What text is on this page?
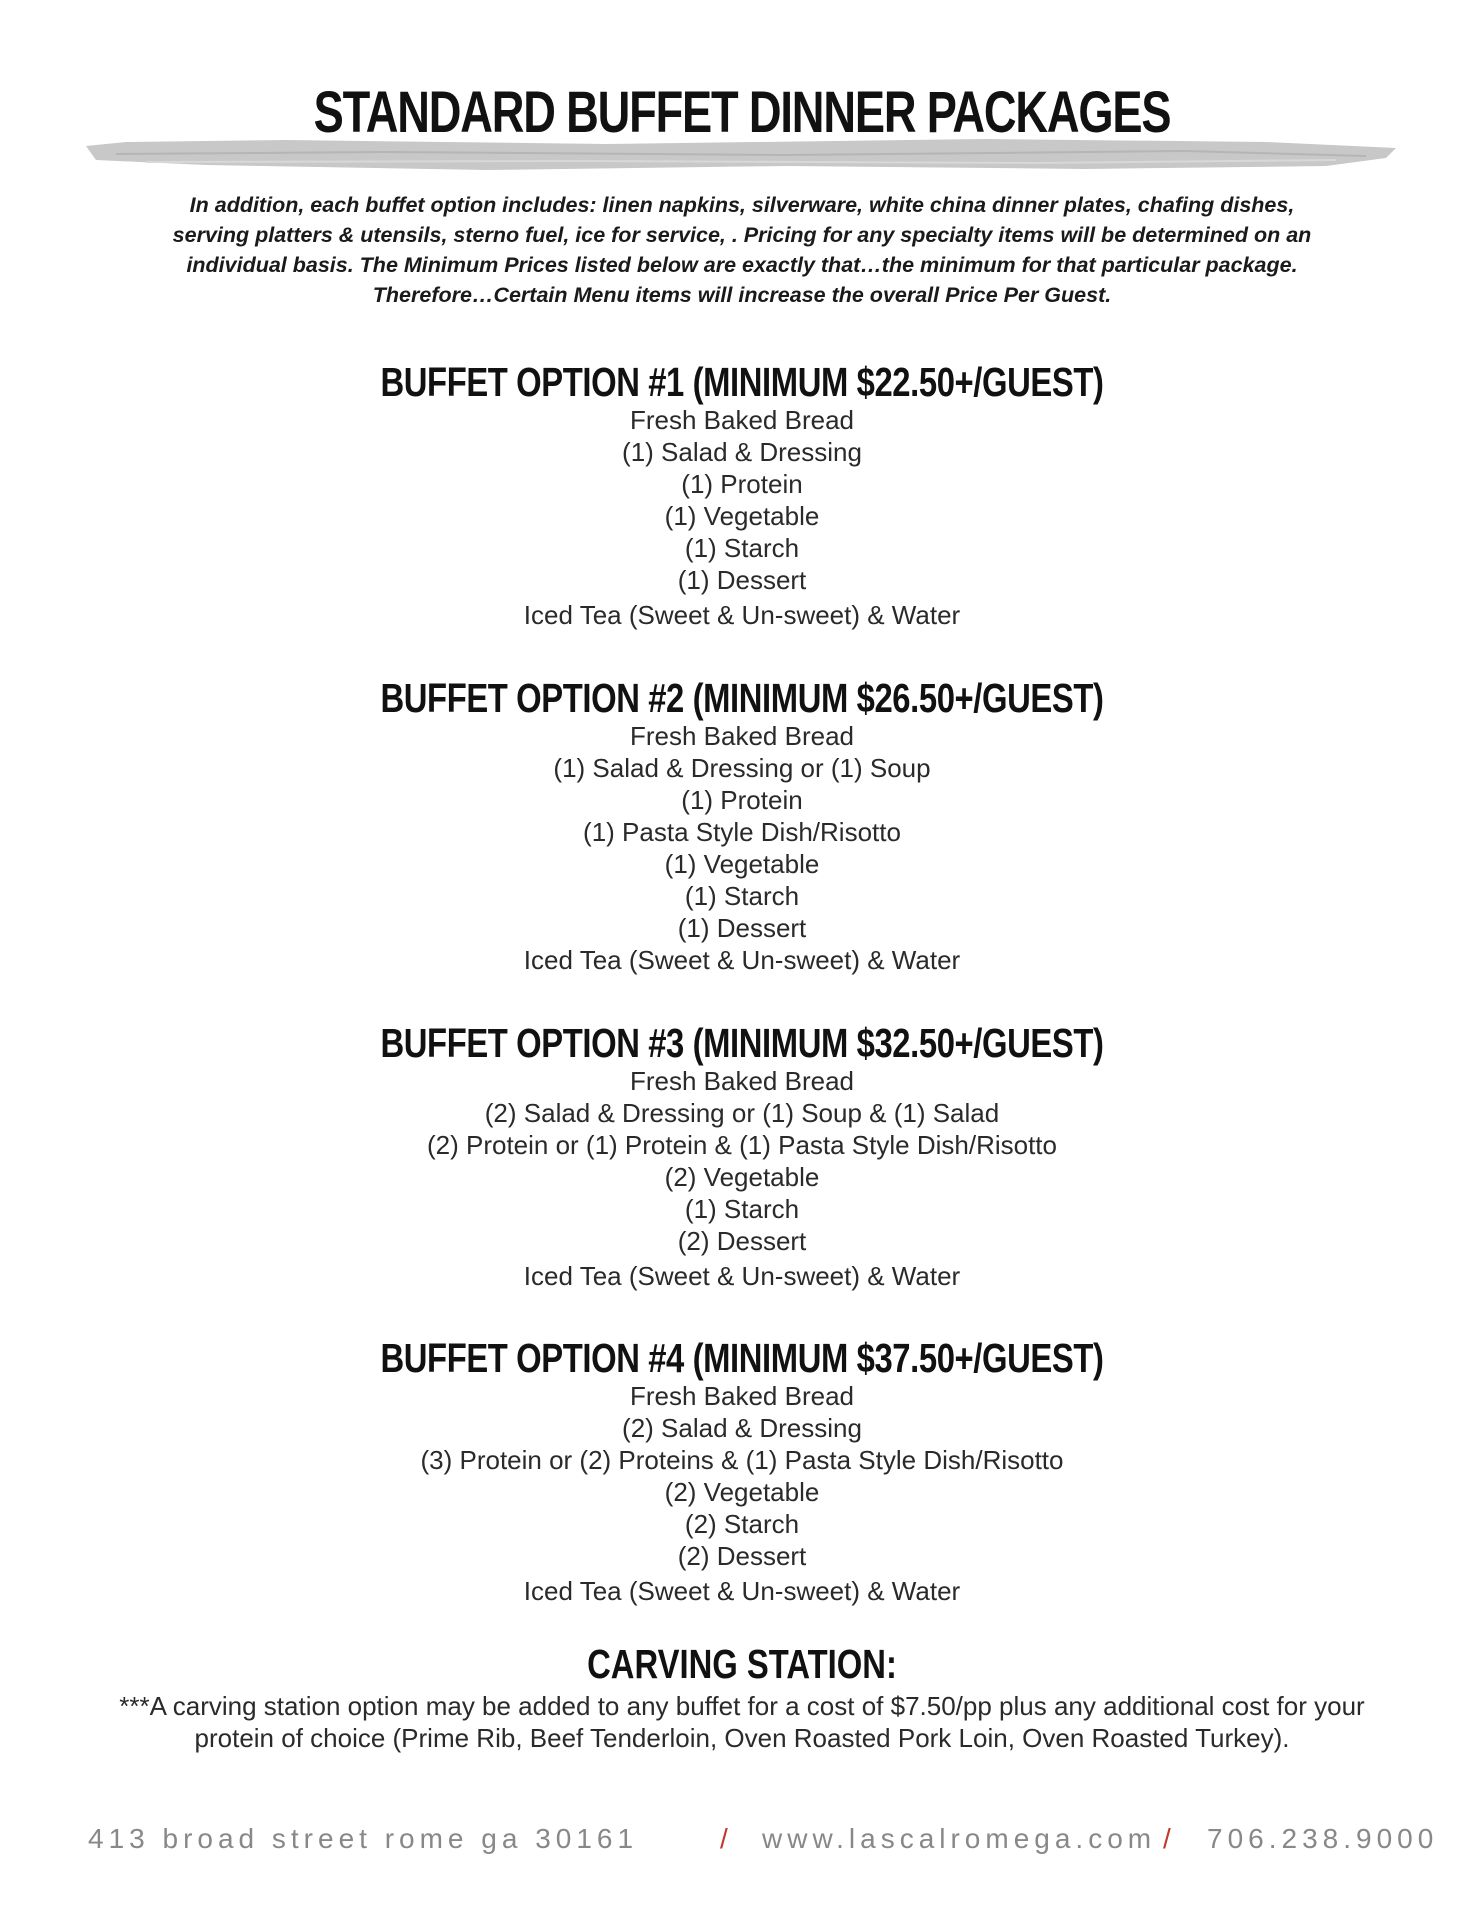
STANDARD BUFFET DINNER PACKAGES
In addition, each buffet option includes: linen napkins, silverware, white china dinner plates, chafing dishes,
serving platters & utensils, sterno fuel, ice for service, . Pricing for any specialty items will be determined on an
individual basis. The Minimum Prices listed below are exactly that…the minimum for that particular package.
Therefore…Certain Menu items will increase the overall Price Per Guest.
BUFFET OPTION #1 (MINIMUM $22.50+/GUEST)
Fresh Baked Bread
(1) Salad & Dressing
(1) Protein
(1) Vegetable
(1) Starch
(1) Dessert
Iced Tea (Sweet & Un-sweet) & Water
BUFFET OPTION #2 (MINIMUM $26.50+/GUEST)
Fresh Baked Bread
(1) Salad & Dressing or (1) Soup
(1) Protein
(1) Pasta Style Dish/Risotto
(1) Vegetable
(1) Starch
(1) Dessert
Iced Tea (Sweet & Un-sweet) & Water
BUFFET OPTION #3 (MINIMUM $32.50+/GUEST)
Fresh Baked Bread
(2) Salad & Dressing or (1) Soup & (1) Salad
(2) Protein or (1) Protein & (1) Pasta Style Dish/Risotto
(2) Vegetable
(1) Starch
(2) Dessert
Iced Tea (Sweet & Un-sweet) & Water
BUFFET OPTION #4 (MINIMUM $37.50+/GUEST)
Fresh Baked Bread
(2) Salad & Dressing
(3) Protein or (2) Proteins & (1) Pasta Style Dish/Risotto
(2) Vegetable
(2) Starch
(2) Dessert
Iced Tea (Sweet & Un-sweet) & Water
CARVING STATION:
***A carving station option may be added to any buffet for a cost of $7.50/pp plus any additional cost for your protein of choice (Prime Rib, Beef Tenderloin, Oven Roasted Pork Loin, Oven Roasted Turkey).
413 broad street rome ga 30161	/ www.lascalromega.com / 706.238.9000
